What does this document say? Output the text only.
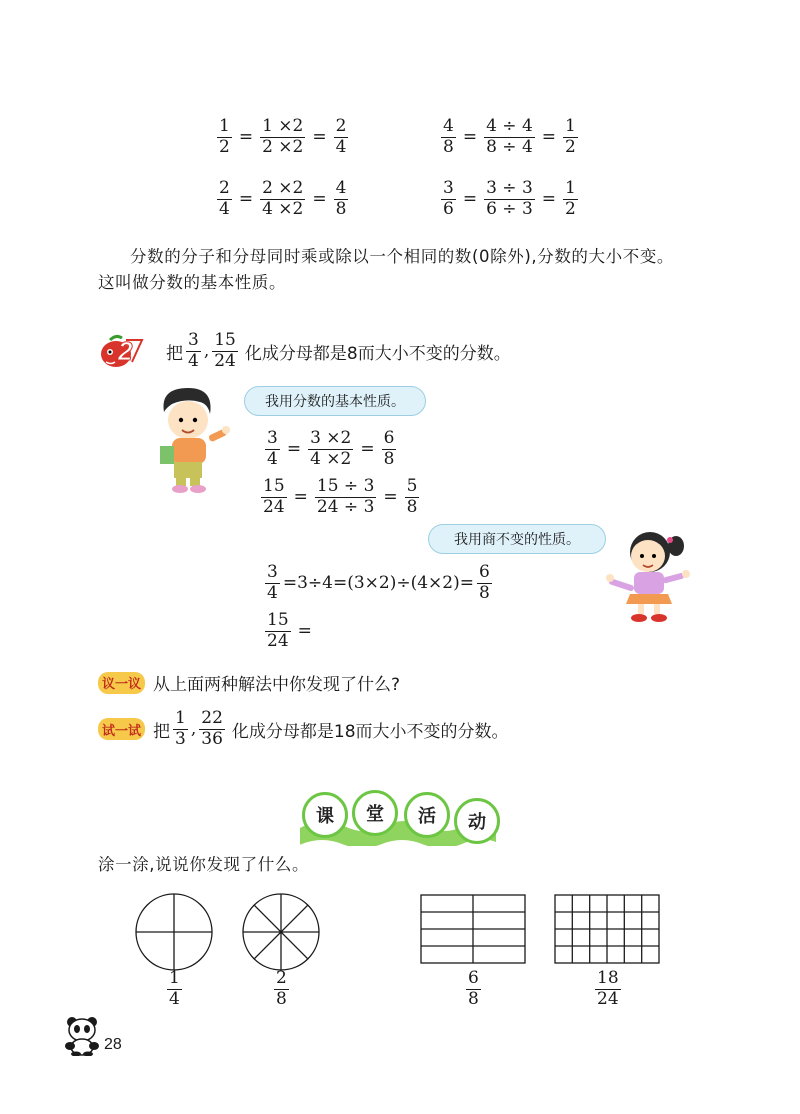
$\frac{1}{2} = \frac{1 \times 2}{2 \times 2} = \frac{2}{4}$	$\frac{4}{8} = \frac{4 \div 4}{8 \div 4} = \frac{1}{2}$
$\frac{2}{4} = \frac{2 \times 2}{4 \times 2} = \frac{4}{8}$	$\frac{3}{6} = \frac{3 \div 3}{6 \div 3} = \frac{1}{2}$
分数的分子和分母同时乘或除以一个相同的数(0除外),分数的大小不变。
这叫做分数的基本性质。
2 把 $\frac{3}{4}$ , $\frac{15}{24}$ 化成分母都是8而大小不变的分数。
我用分数的基本性质。
$\frac{3}{4} = \frac{3 \times 2}{4 \times 2} = \frac{6}{8}$
$\frac{15}{24} = \frac{15 \div 3}{24 \div 3} = \frac{5}{8}$
我用商不变的性质。
$\frac{3}{4} =3\div 4=(3\times 2)\div(4\times 2)= \frac{6}{8}$
$\frac{15}{24}$ =
议一议 从上面两种解法中你发现了什么?
试一试 把 $\frac{1}{3}$ , $\frac{22}{36}$ 化成分母都是18而大小不变的分数。
课	堂	活	动
涂一涂,说说你发现了什么。
$\frac{1}{4}$	$\frac{2}{8}$	$\frac{6}{8}$	$\frac{18}{24}$
28
